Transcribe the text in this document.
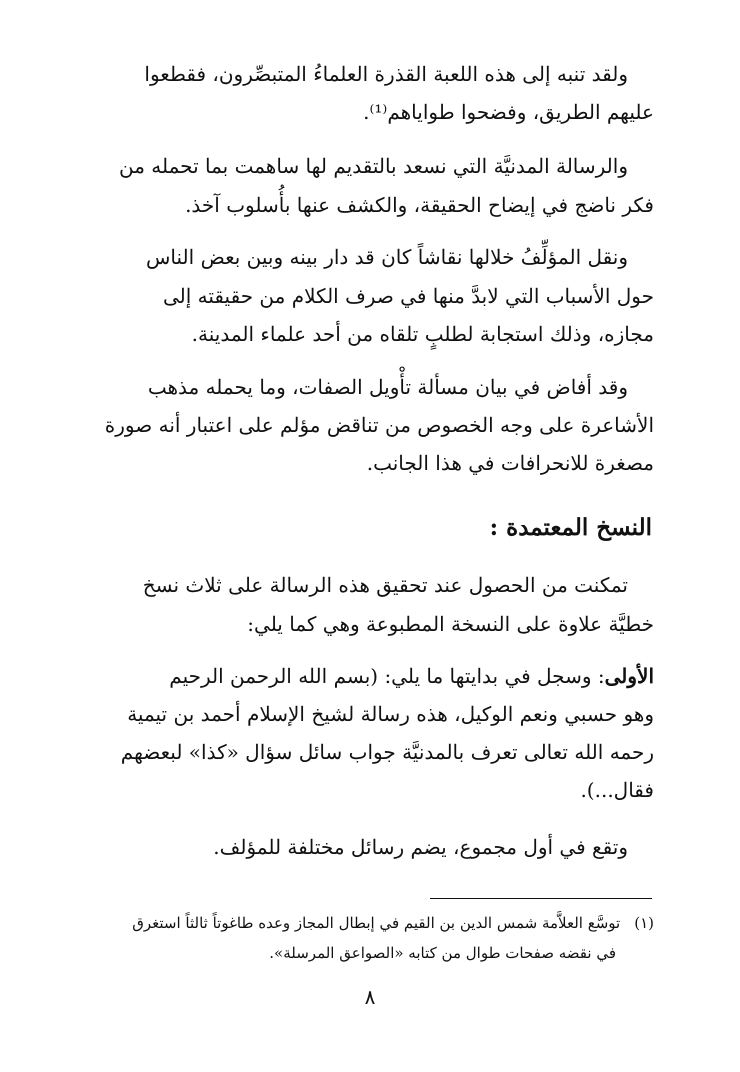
ولقد تنبه إلى هذه اللعبة القذرة العلماءُ المتبصِّرون، فقطعوا

عليهم الطريق، وفضحوا طواياهم⁽¹⁾.

والرسالة المدنيَّة التي نسعد بالتقديم لها ساهمت بما تحمله من

فكر ناضج في إيضاح الحقيقة، والكشف عنها بأُسلوب آخذ.

ونقل المؤلِّفُ خلالها نقاشاً كان قد دار بينه وبين بعض الناس

حول الأسباب التي لابدَّ منها في صرف الكلام من حقيقته إلى

مجازه، وذلك استجابة لطلبٍ تلقاه من أحد علماء المدينة.

وقد أفاض في بيان مسألة تأْويل الصفات، وما يحمله مذهب

الأشاعرة على وجه الخصوص من تناقض مؤلم على اعتبار أنه صورة

مصغرة للانحرافات في هذا الجانب.

النسخ المعتمدة :

تمكنت من الحصول عند تحقيق هذه الرسالة على ثلاث نسخ

خطيَّة علاوة على النسخة المطبوعة وهي كما يلي:

الأولى: وسجل في بدايتها ما يلي: (بسم الله الرحمن الرحيم

وهو حسبي ونعم الوكيل، هذه رسالة لشيخ الإسلام أحمد بن تيمية

رحمه الله تعالى تعرف بالمدنيَّة جواب سائل سؤال «كذا» لبعضهم

فقال...).

وتقع في أول مجموع، يضم رسائل مختلفة للمؤلف.

(١)توسَّع العلاَّمة شمس الدين بن القيم في إبطال المجاز وعده طاغوتاً ثالثاً استغرق
في نقضه صفحات طوال من كتابه «الصواعق المرسلة».
٨
